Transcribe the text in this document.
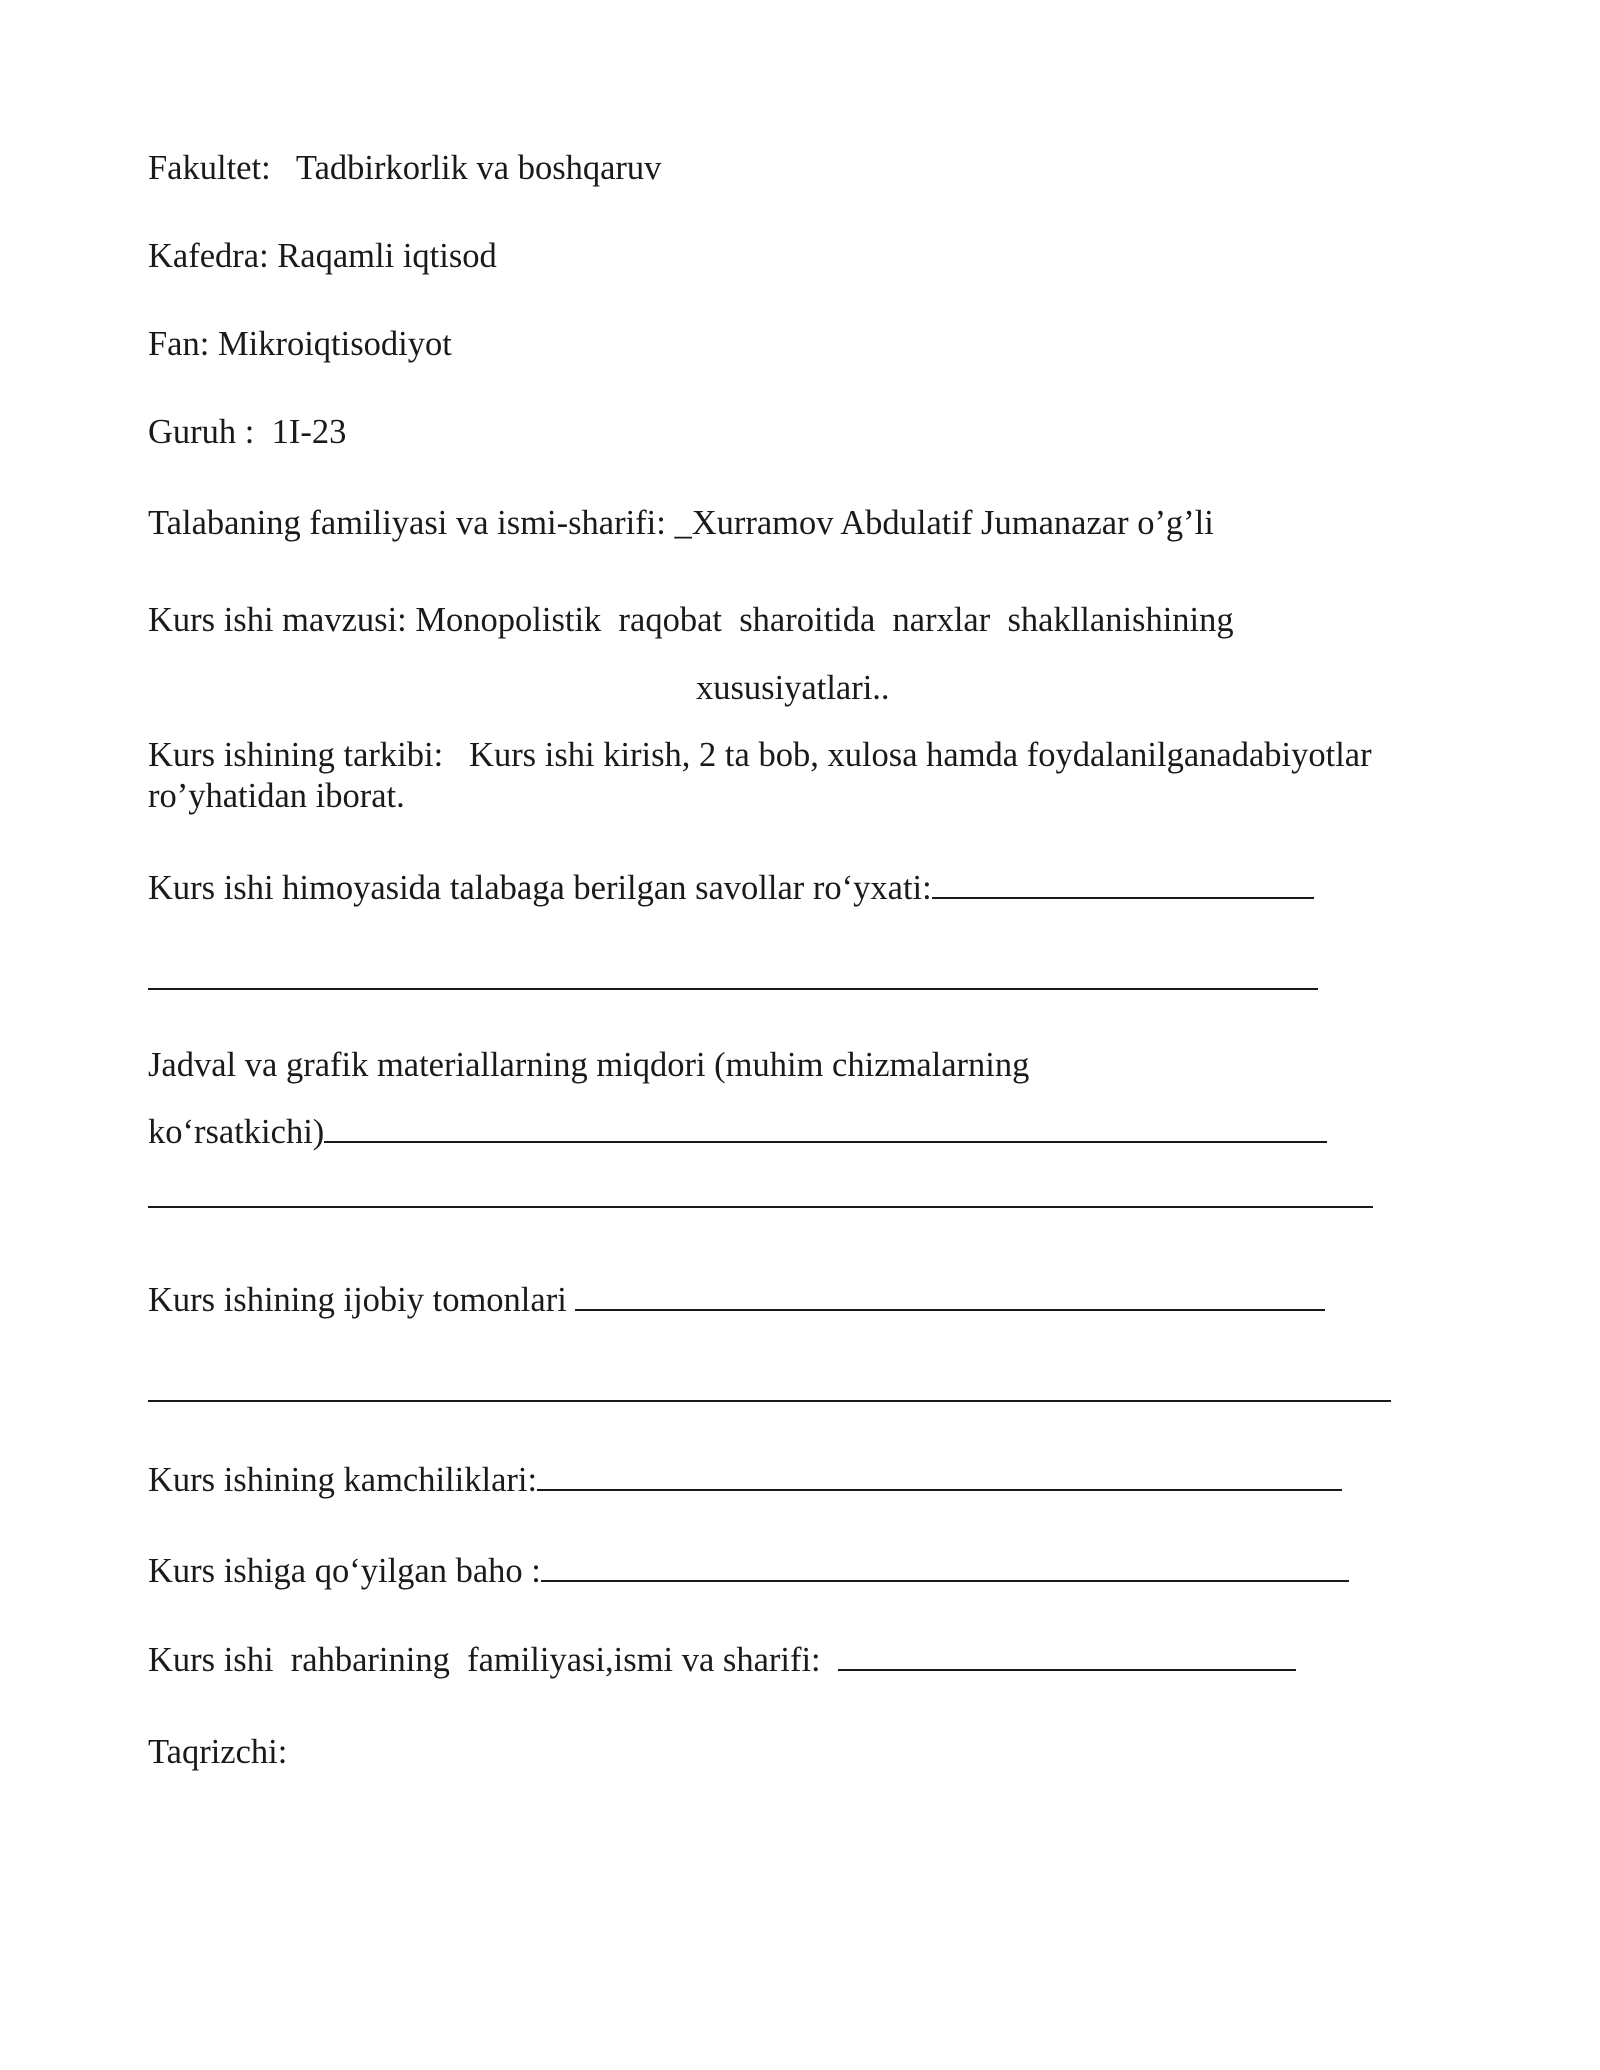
Fakultet: Tadbirkorlik va boshqaruv
Kafedra: Raqamli iqtisod
Fan: Mikroiqtisodiyot
Guruh : 1I-23
Talabaning familiyasi va ismi-sharifi: _Xurramov Abdulatif Jumanazar o’g’li
Kurs ishi mavzusi: Monopolistik  raqobat  sharoitida  narxlar  shakllanishining
xususiyatlari..
Kurs ishining tarkibi: Kurs ishi kirish, 2 ta bob, xulosa hamda foydalanilganadabiyotlar
ro’yhatidan iborat.
Kurs ishi himoyasida talabaga berilgan savollar ro‘yxati:
Jadval va grafik materiallarning miqdori (muhim chizmalarning
ko‘rsatkichi)
Kurs ishining ijobiy tomonlari
Kurs ishining kamchiliklari:
Kurs ishiga qo‘yilgan baho :
Kurs ishi  rahbarining  familiyasi,ismi va sharifi:
Taqrizchi:
